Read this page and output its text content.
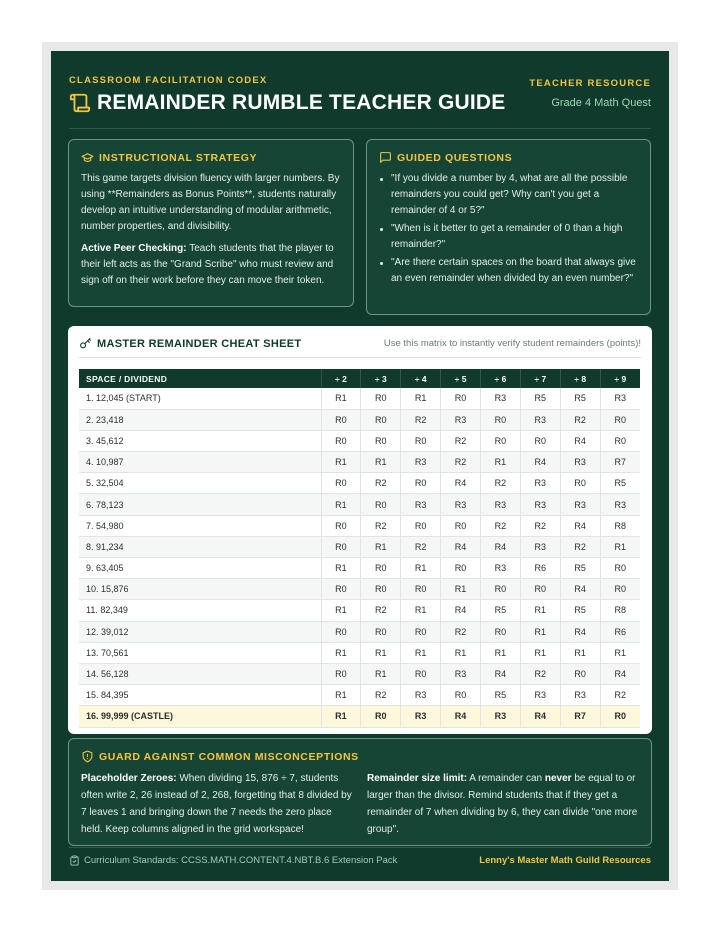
CLASSROOM FACILITATION CODEX
REMAINDER RUMBLE TEACHER GUIDE
TEACHER RESOURCE
Grade 4 Math Quest
INSTRUCTIONAL STRATEGY

This game targets division fluency with larger numbers. By using **Remainders as Bonus Points**, students naturally develop an intuitive understanding of modular arithmetic, number properties, and divisibility.

Active Peer Checking: Teach students that the player to their left acts as the "Grand Scribe" who must review and sign off on their work before they can move their token.

GUIDED QUESTIONS
"If you divide a number by 4, what are all the possible remainders you could get? Why can't you get a remainder of 4 or 5?"
"When is it better to get a remainder of 0 than a high remainder?"
"Are there certain spaces on the board that always give an even remainder when divided by an even number?"
MASTER REMAINDER CHEAT SHEET	Use this matrix to instantly verify student remainders (points)!
SPACE / DIVIDEND	÷ 2	÷ 3	÷ 4	÷ 5	÷ 6	÷ 7	÷ 8	÷ 9
1. 12,045 (START)	R1	R0	R1	R0	R3	R5	R5	R3
2. 23,418	R0	R0	R2	R3	R0	R3	R2	R0
3. 45,612	R0	R0	R0	R2	R0	R0	R4	R0
4. 10,987	R1	R1	R3	R2	R1	R4	R3	R7
5. 32,504	R0	R2	R0	R4	R2	R3	R0	R5
6. 78,123	R1	R0	R3	R3	R3	R3	R3	R3
7. 54,980	R0	R2	R0	R0	R2	R2	R4	R8
8. 91,234	R0	R1	R2	R4	R4	R3	R2	R1
9. 63,405	R1	R0	R1	R0	R3	R6	R5	R0
10. 15,876	R0	R0	R0	R1	R0	R0	R4	R0
11. 82,349	R1	R2	R1	R4	R5	R1	R5	R8
12. 39,012	R0	R0	R0	R2	R0	R1	R4	R6
13. 70,561	R1	R1	R1	R1	R1	R1	R1	R1
14. 56,128	R0	R1	R0	R3	R4	R2	R0	R4
15. 84,395	R1	R2	R3	R0	R5	R3	R3	R2
16. 99,999 (CASTLE)	R1	R0	R3	R4	R3	R4	R7	R0
GUARD AGAINST COMMON MISCONCEPTIONS

Placeholder Zeroes: When dividing 15, 876 ÷ 7, students often write 2, 26 instead of 2, 268, forgetting that 8 divided by 7 leaves 1 and bringing down the 7 needs the zero place held. Keep columns aligned in the grid workspace!

Remainder size limit: A remainder can never be equal to or larger than the divisor. Remind students that if they get a remainder of 7 when dividing by 6, they can divide "one more group".

Curriculum Standards: CCSS.MATH.CONTENT.4.NBT.B.6 Extension Pack	Lenny's Master Math Guild Resources
